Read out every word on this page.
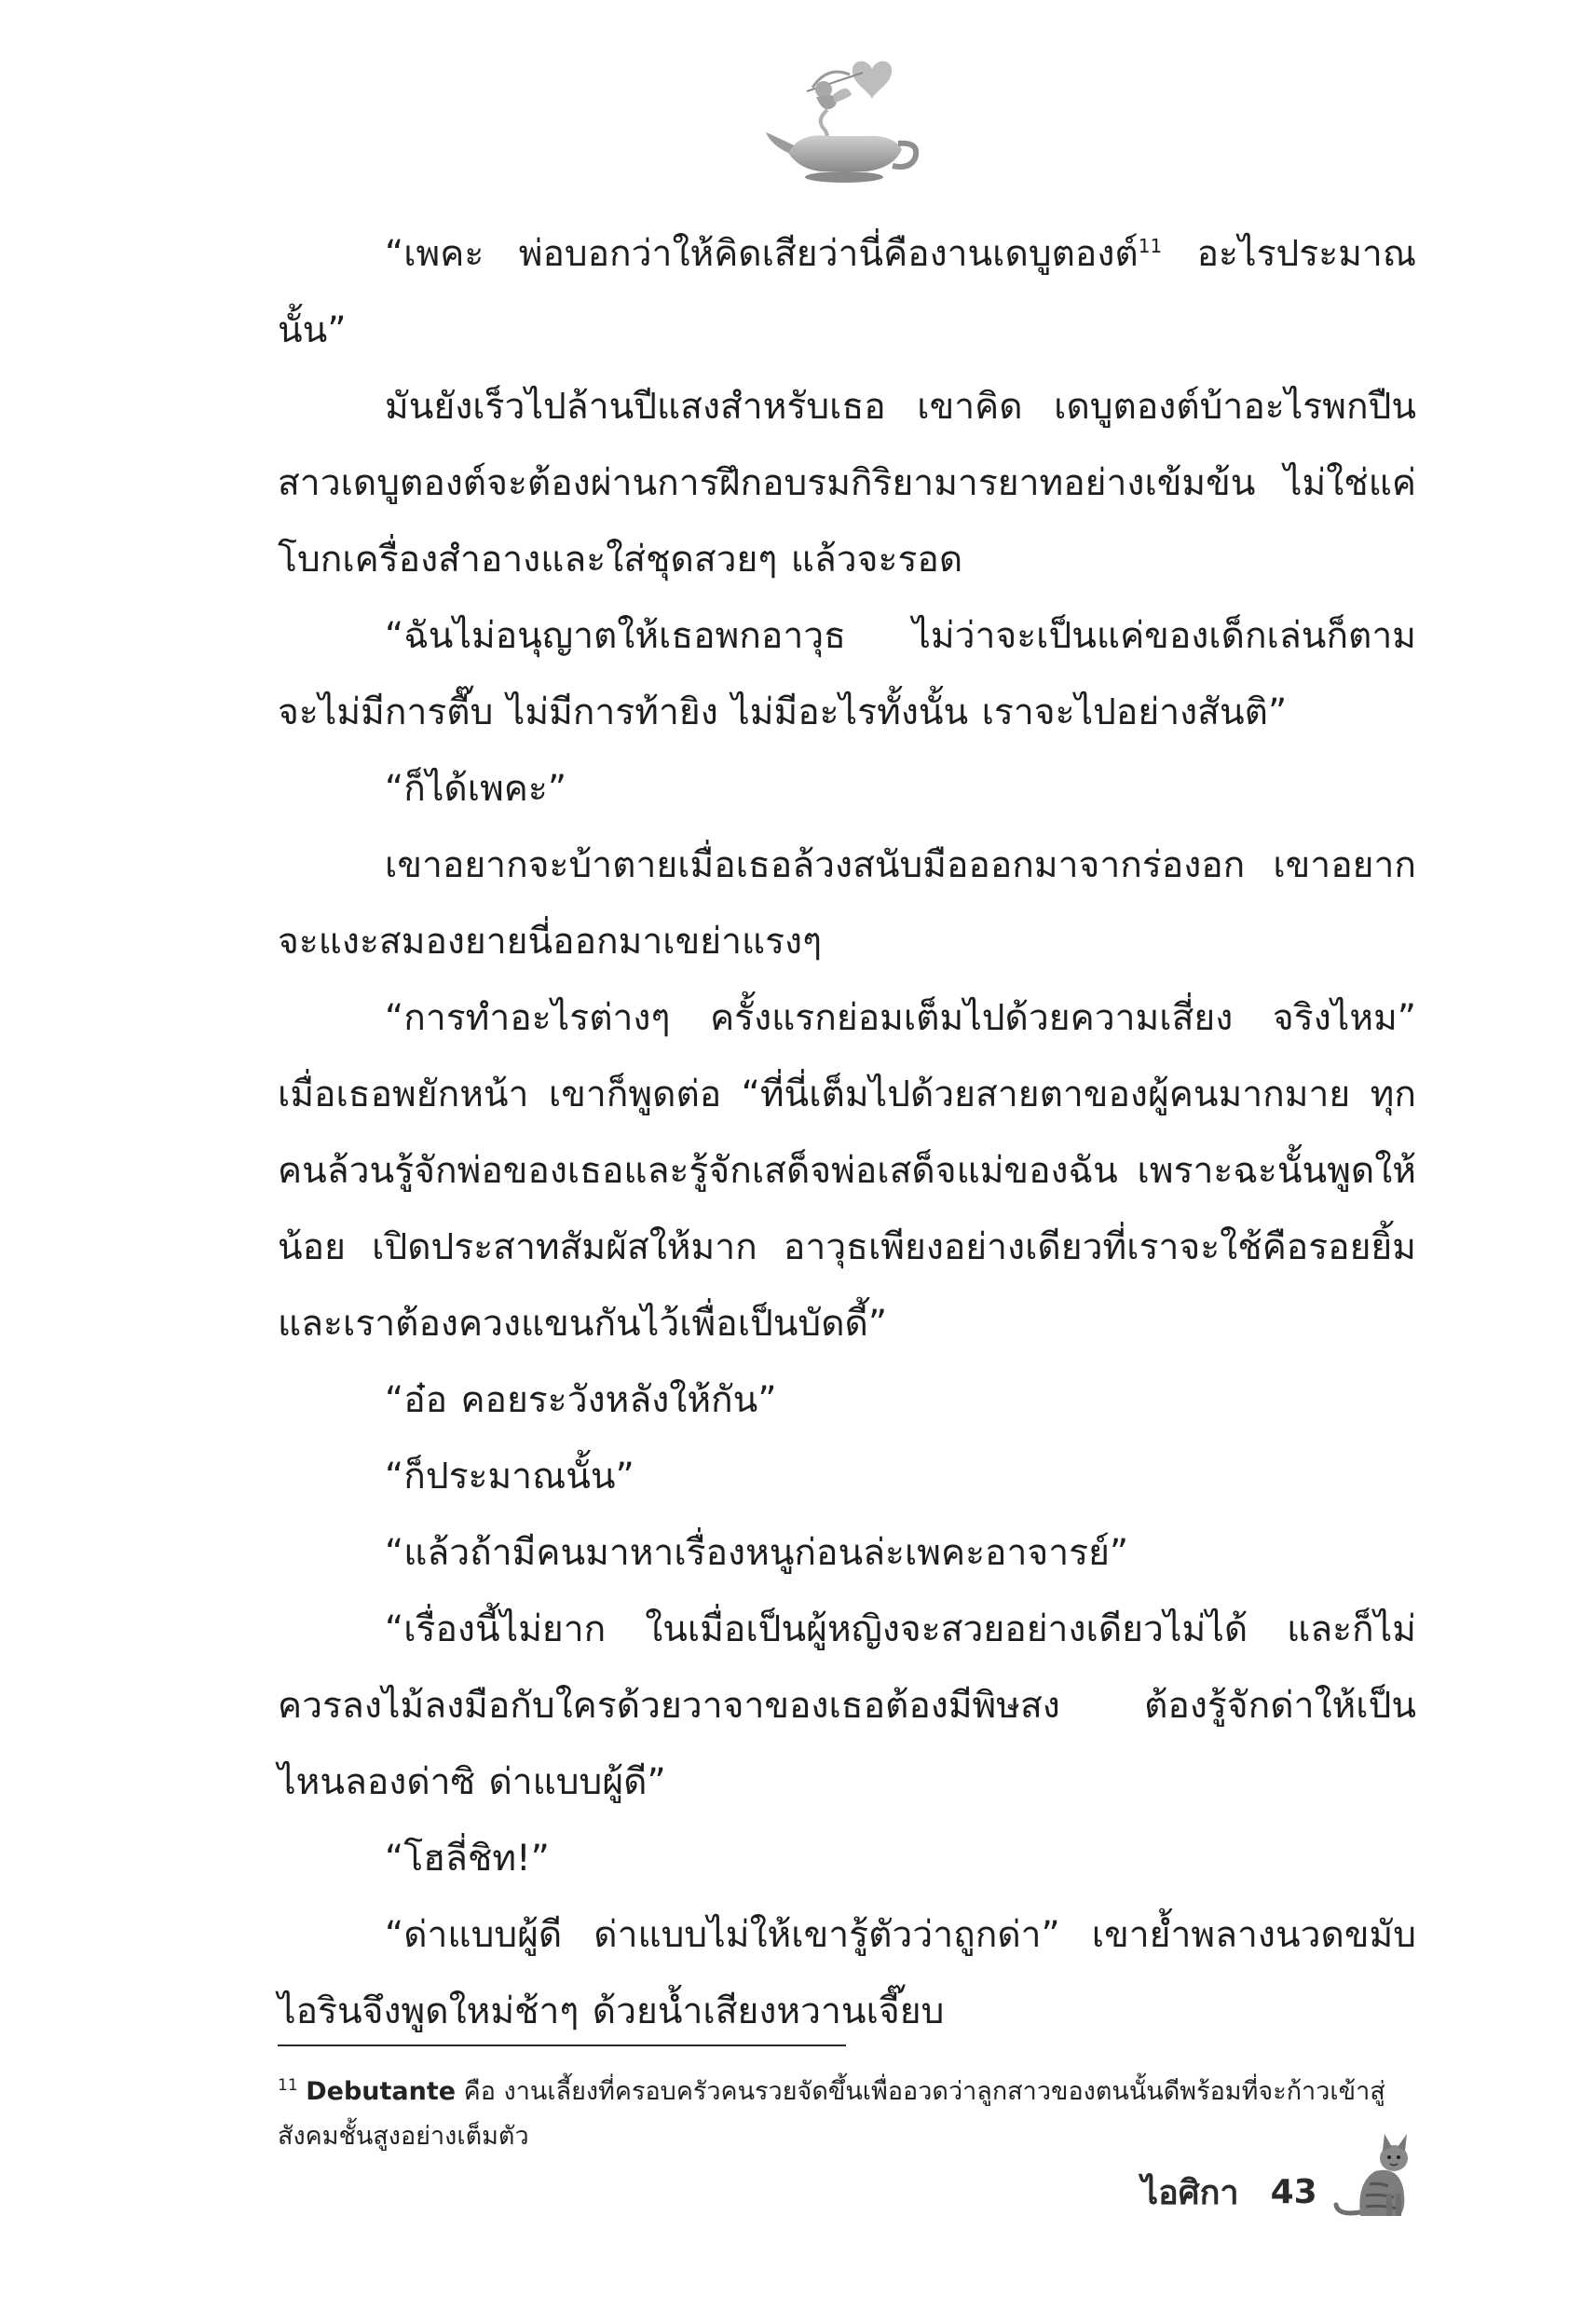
“เพคะ พ่อบอกว่าให้คิดเสียว่านี่คืองานเดบูตองต์$^{11}$ อะไรประมาณนั้น”

มันยังเร็วไปล้านปีแสงสำหรับเธอ เขาคิด เดบูตองต์บ้าอะไรพกปืน สาวเดบูตองต์จะต้องผ่านการฝึกอบรมกิริยามารยาทอย่างเข้มข้น ไม่ใช่แค่โบกเครื่องสำอางและใส่ชุดสวยๆ แล้วจะรอด

“ฉันไม่อนุญาตให้เธอพกอาวุธ ไม่ว่าจะเป็นแค่ของเด็กเล่นก็ตาม จะไม่มีการตื๊บ ไม่มีการท้ายิง ไม่มีอะไรทั้งนั้น เราจะไปอย่างสันติ”

“ก็ได้เพคะ”

เขาอยากจะบ้าตายเมื่อเธอล้วงสนับมือออกมาจากร่องอก เขาอยากจะแงะสมองยายนี่ออกมาเขย่าแรงๆ

“การทำอะไรต่างๆ ครั้งแรกย่อมเต็มไปด้วยความเสี่ยง จริงไหม” เมื่อเธอพยักหน้า เขาก็พูดต่อ “ที่นี่เต็มไปด้วยสายตาของผู้คนมากมาย ทุกคนล้วนรู้จักพ่อของเธอและรู้จักเสด็จพ่อเสด็จแม่ของฉัน เพราะฉะนั้นพูดให้น้อย เปิดประสาทสัมผัสให้มาก อาวุธเพียงอย่างเดียวที่เราจะใช้คือรอยยิ้ม และเราต้องควงแขนกันไว้เพื่อเป็นบัดดี้”

“อ๋อ คอยระวังหลังให้กัน”

“ก็ประมาณนั้น”

“แล้วถ้ามีคนมาหาเรื่องหนูก่อนล่ะเพคะอาจารย์”

“เรื่องนี้ไม่ยาก ในเมื่อเป็นผู้หญิงจะสวยอย่างเดียวไม่ได้ และก็ไม่ควรลงไม้ลงมือกับใครด้วยวาจาของเธอต้องมีพิษสง ต้องรู้จักด่าให้เป็น ไหนลองด่าซิ ด่าแบบผู้ดี”

“โฮลี่ชิท!”

“ด่าแบบผู้ดี ด่าแบบไม่ให้เขารู้ตัวว่าถูกด่า” เขาย้ำพลางนวดขมับ ไอรินจึงพูดใหม่ช้าๆ ด้วยน้ำเสียงหวานเจี๊ยบ

$^{11}$ Debutante คือ งานเลี้ยงที่ครอบครัวคนรวยจัดขึ้นเพื่ออวดว่าลูกสาวของตนนั้นดีพร้อมที่จะก้าวเข้าสู่สังคมชั้นสูงอย่างเต็มตัว
ไอศิกา 43
